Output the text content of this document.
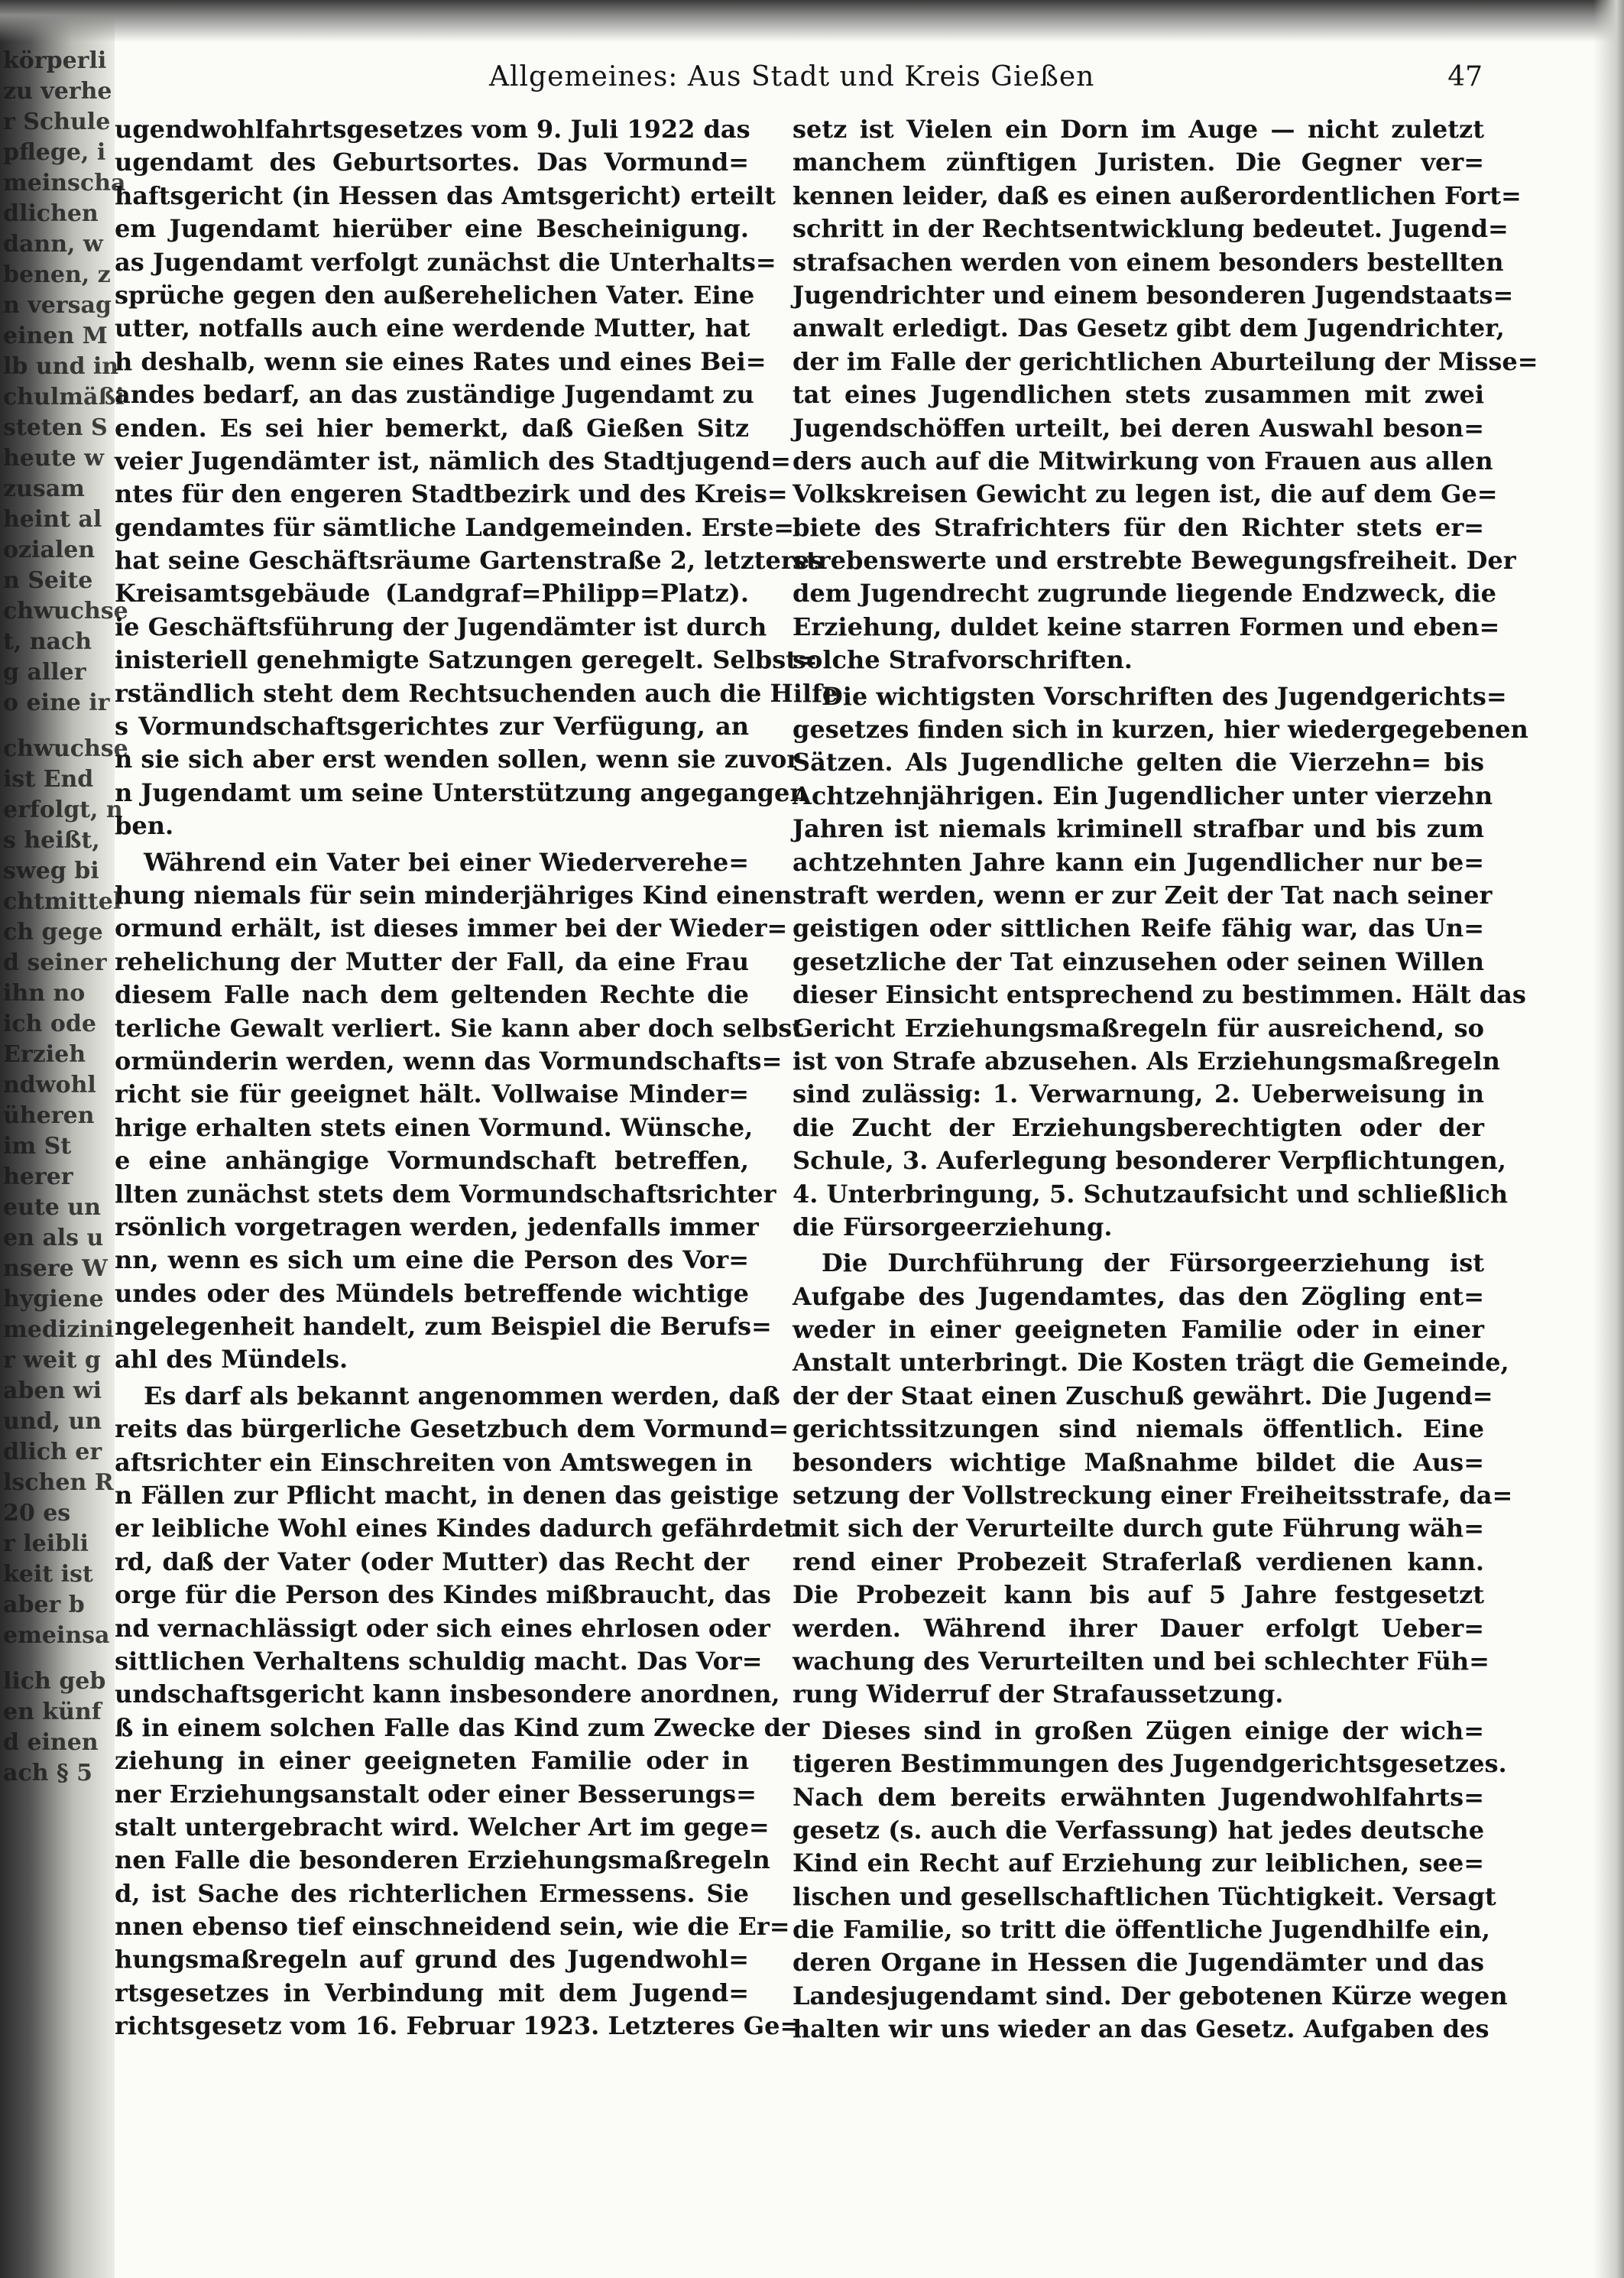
körperli
zu verhe
r Schule
pflege, i
meinscha
dlichen
dann, w
benen, z
n versag
einen M
lb und in
chulmäßi
steten S
heute w
zusam
heint al
ozialen
n Seite
chwuchse
t, nach
g aller
o eine ir
chwuchse
ist End
erfolgt, n
s heißt,
sweg bi
chtmittel
ch gege
d seiner
ihn no
ich ode
Erzieh
ndwohl
üheren
im St
herer
eute un
en als u
nsere W
hygiene
medizini
r weit g
aben wi
und, un
dlich er
lschen R
20 es
r leibli
keit ist
aber b
emeinsa
lich geb
en künf
d einen
ach § 5
Allgemeines: Aus Stadt und Kreis Gießen	47
ugendwohlfahrtsgesetzes vom 9. Juli 1922 das
ugendamt des Geburtsortes. Das Vormund=
haftsgericht (in Hessen das Amtsgericht) erteilt
em Jugendamt hierüber eine Bescheinigung.
as Jugendamt verfolgt zunächst die Unterhalts=
sprüche gegen den außerehelichen Vater. Eine
utter, notfalls auch eine werdende Mutter, hat
h deshalb, wenn sie eines Rates und eines Bei=
andes bedarf, an das zuständige Jugendamt zu
enden. Es sei hier bemerkt, daß Gießen Sitz
veier Jugendämter ist, nämlich des Stadtjugend=
ntes für den engeren Stadtbezirk und des Kreis=
gendamtes für sämtliche Landgemeinden. Erste=
hat seine Geschäftsräume Gartenstraße 2, letzteres
Kreisamtsgebäude (Landgraf=Philipp=Platz).
ie Geschäftsführung der Jugendämter ist durch
inisteriell genehmigte Satzungen geregelt. Selbst=
rständlich steht dem Rechtsuchenden auch die Hilfe
s Vormundschaftsgerichtes zur Verfügung, an
n sie sich aber erst wenden sollen, wenn sie zuvor
n Jugendamt um seine Unterstützung angegangen
ben.
Während ein Vater bei einer Wiederverehe=
hung niemals für sein minderjähriges Kind einen
ormund erhält, ist dieses immer bei der Wieder=
rehelichung der Mutter der Fall, da eine Frau
diesem Falle nach dem geltenden Rechte die
terliche Gewalt verliert. Sie kann aber doch selbst
ormünderin werden, wenn das Vormundschafts=
richt sie für geeignet hält. Vollwaise Minder=
hrige erhalten stets einen Vormund. Wünsche,
e eine anhängige Vormundschaft betreffen,
llten zunächst stets dem Vormundschaftsrichter
rsönlich vorgetragen werden, jedenfalls immer
nn, wenn es sich um eine die Person des Vor=
undes oder des Mündels betreffende wichtige
ngelegenheit handelt, zum Beispiel die Berufs=
ahl des Mündels.
Es darf als bekannt angenommen werden, daß
reits das bürgerliche Gesetzbuch dem Vormund=
aftsrichter ein Einschreiten von Amtswegen in
n Fällen zur Pflicht macht, in denen das geistige
er leibliche Wohl eines Kindes dadurch gefährdet
rd, daß der Vater (oder Mutter) das Recht der
orge für die Person des Kindes mißbraucht, das
nd vernachlässigt oder sich eines ehrlosen oder
sittlichen Verhaltens schuldig macht. Das Vor=
undschaftsgericht kann insbesondere anordnen,
ß in einem solchen Falle das Kind zum Zwecke der
ziehung in einer geeigneten Familie oder in
ner Erziehungsanstalt oder einer Besserungs=
stalt untergebracht wird. Welcher Art im gege=
nen Falle die besonderen Erziehungsmaßregeln
d, ist Sache des richterlichen Ermessens. Sie
nnen ebenso tief einschneidend sein, wie die Er=
hungsmaßregeln auf grund des Jugendwohl=
rtsgesetzes in Verbindung mit dem Jugend=
richtsgesetz vom 16. Februar 1923. Letzteres Ge=
setz ist Vielen ein Dorn im Auge — nicht zuletzt
manchem zünftigen Juristen. Die Gegner ver=
kennen leider, daß es einen außerordentlichen Fort=
schritt in der Rechtsentwicklung bedeutet. Jugend=
strafsachen werden von einem besonders bestellten
Jugendrichter und einem besonderen Jugendstaats=
anwalt erledigt. Das Gesetz gibt dem Jugendrichter,
der im Falle der gerichtlichen Aburteilung der Misse=
tat eines Jugendlichen stets zusammen mit zwei
Jugendschöffen urteilt, bei deren Auswahl beson=
ders auch auf die Mitwirkung von Frauen aus allen
Volkskreisen Gewicht zu legen ist, die auf dem Ge=
biete des Strafrichters für den Richter stets er=
strebenswerte und erstrebte Bewegungsfreiheit. Der
dem Jugendrecht zugrunde liegende Endzweck, die
Erziehung, duldet keine starren Formen und eben=
solche Strafvorschriften.
Die wichtigsten Vorschriften des Jugendgerichts=
gesetzes finden sich in kurzen, hier wiedergegebenen
Sätzen. Als Jugendliche gelten die Vierzehn= bis
Achtzehnjährigen. Ein Jugendlicher unter vierzehn
Jahren ist niemals kriminell strafbar und bis zum
achtzehnten Jahre kann ein Jugendlicher nur be=
straft werden, wenn er zur Zeit der Tat nach seiner
geistigen oder sittlichen Reife fähig war, das Un=
gesetzliche der Tat einzusehen oder seinen Willen
dieser Einsicht entsprechend zu bestimmen. Hält das
Gericht Erziehungsmaßregeln für ausreichend, so
ist von Strafe abzusehen. Als Erziehungsmaßregeln
sind zulässig: 1. Verwarnung, 2. Ueberweisung in
die Zucht der Erziehungsberechtigten oder der
Schule, 3. Auferlegung besonderer Verpflichtungen,
4. Unterbringung, 5. Schutzaufsicht und schließlich
die Fürsorgeerziehung.
Die Durchführung der Fürsorgeerziehung ist
Aufgabe des Jugendamtes, das den Zögling ent=
weder in einer geeigneten Familie oder in einer
Anstalt unterbringt. Die Kosten trägt die Gemeinde,
der der Staat einen Zuschuß gewährt. Die Jugend=
gerichtssitzungen sind niemals öffentlich. Eine
besonders wichtige Maßnahme bildet die Aus=
setzung der Vollstreckung einer Freiheitsstrafe, da=
mit sich der Verurteilte durch gute Führung wäh=
rend einer Probezeit Straferlaß verdienen kann.
Die Probezeit kann bis auf 5 Jahre festgesetzt
werden. Während ihrer Dauer erfolgt Ueber=
wachung des Verurteilten und bei schlechter Füh=
rung Widerruf der Strafaussetzung.
Dieses sind in großen Zügen einige der wich=
tigeren Bestimmungen des Jugendgerichtsgesetzes.
Nach dem bereits erwähnten Jugendwohlfahrts=
gesetz (s. auch die Verfassung) hat jedes deutsche
Kind ein Recht auf Erziehung zur leiblichen, see=
lischen und gesellschaftlichen Tüchtigkeit. Versagt
die Familie, so tritt die öffentliche Jugendhilfe ein,
deren Organe in Hessen die Jugendämter und das
Landesjugendamt sind. Der gebotenen Kürze wegen
halten wir uns wieder an das Gesetz. Aufgaben des
